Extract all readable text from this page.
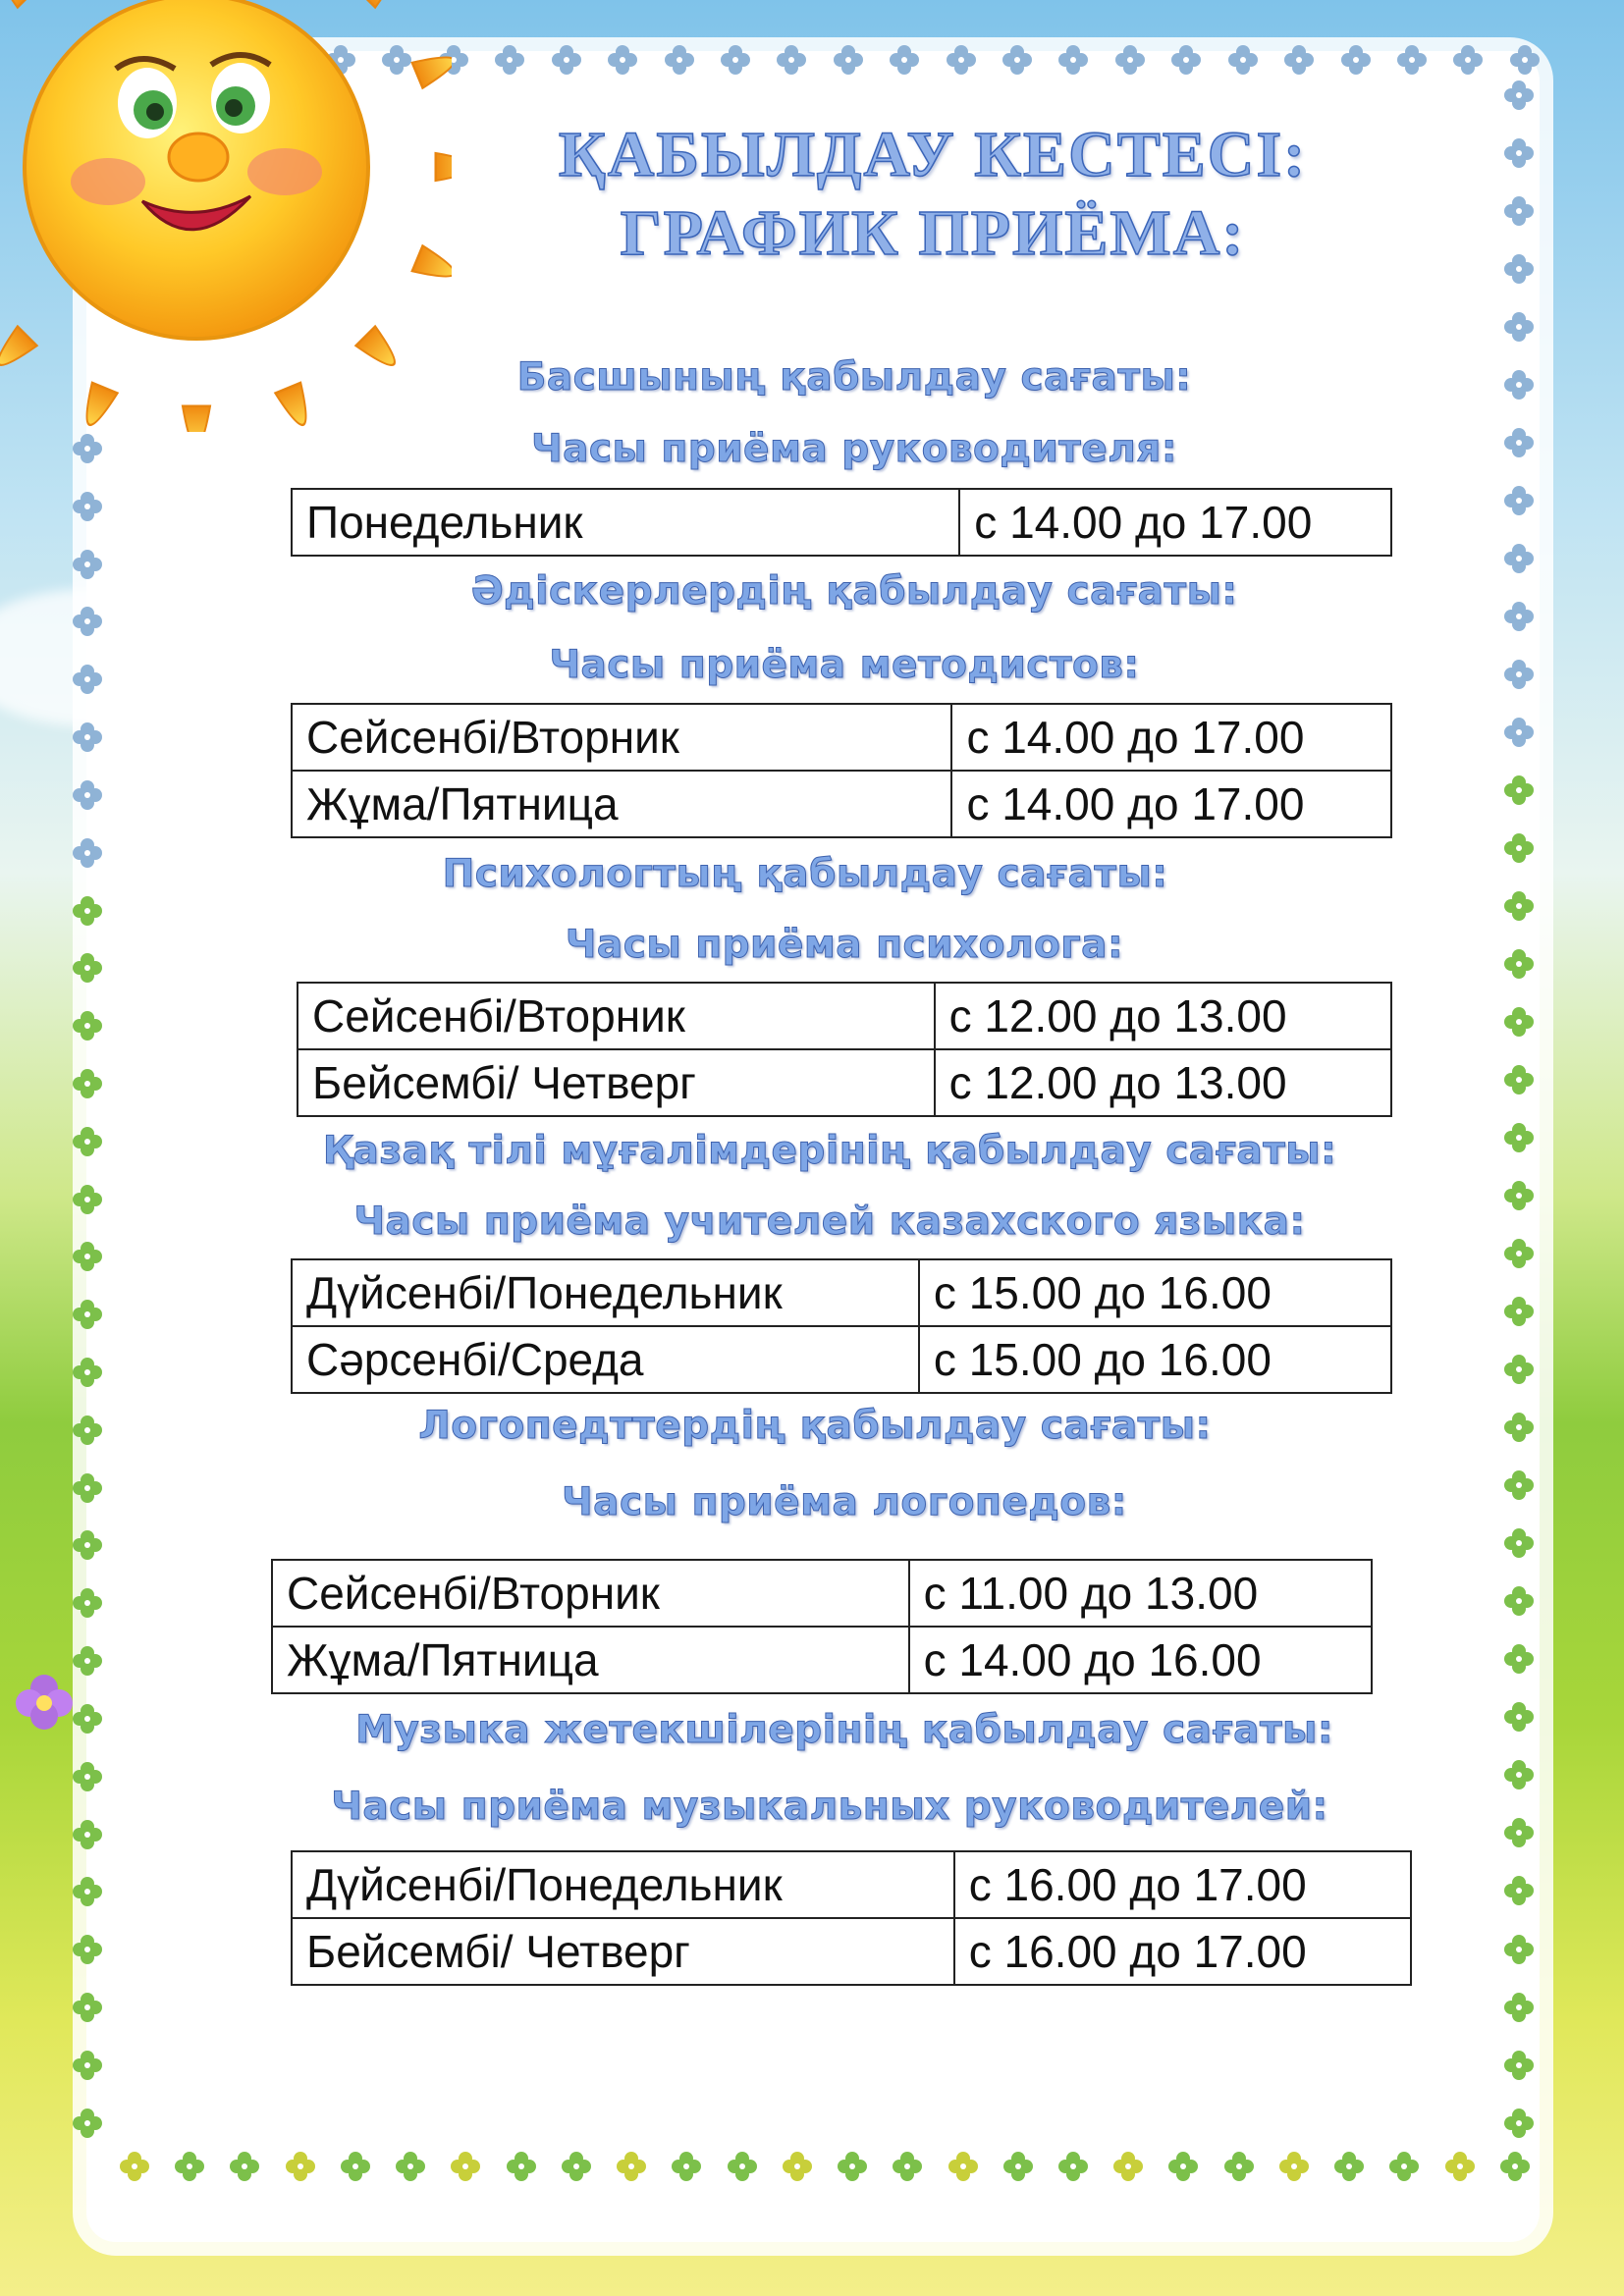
ҚАБЫЛДАУ КЕСТЕСІ:
ГРАФИК ПРИЁМА:
Басшының қабылдау сағаты:
Часы приёма руководителя:
Понедельник	с 14.00 до 17.00
Әдіскерлердің қабылдау сағаты:
Часы приёма методистов:
Сейсенбі/Вторник	с 14.00 до 17.00
Жұма/Пятница	с 14.00 до 17.00
Психологтың қабылдау сағаты:
Часы приёма психолога:
Сейсенбі/Вторник	с 12.00 до 13.00
Бейсембі/ Четверг	с 12.00 до 13.00
Қазақ тілі мұғалімдерінің қабылдау сағаты:
Часы приёма учителей казахского языка:
Дүйсенбі/Понедельник	с 15.00 до 16.00
Сәрсенбі/Среда	с 15.00 до 16.00
Логопедттердің қабылдау сағаты:
Часы приёма логопедов:
Сейсенбі/Вторник	с 11.00 до 13.00
Жұма/Пятница	с 14.00 до 16.00
Музыка жетекшілерінің қабылдау сағаты:
Часы приёма музыкальных руководителей:
Дүйсенбі/Понедельник	с 16.00 до 17.00
Бейсембі/ Четверг	с 16.00 до 17.00
